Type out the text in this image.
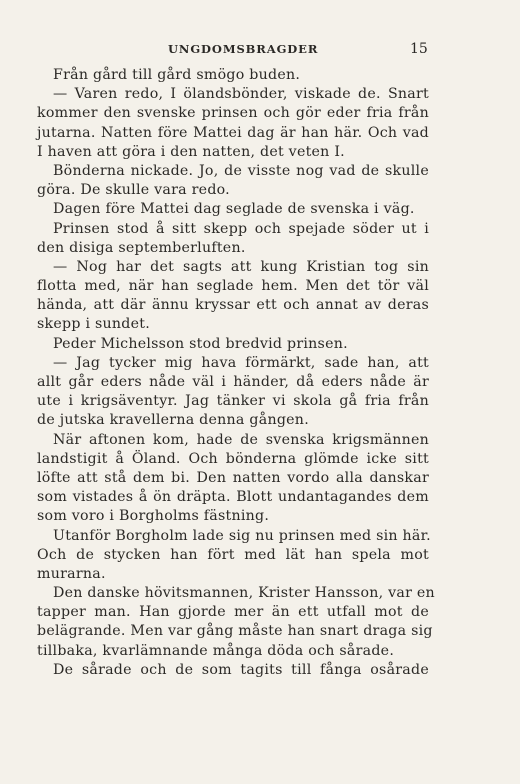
UNGDOMSBRAGDER	15
Från gård till gård smögo buden.
— Varen redo, I ölandsbönder, viskade de. Snart
kommer den svenske prinsen och gör eder fria från
jutarna. Natten före Mattei dag är han här. Och vad
I haven att göra i den natten, det veten I.
Bönderna nickade. Jo, de visste nog vad de skulle
göra. De skulle vara redo.
Dagen före Mattei dag seglade de svenska i väg.
Prinsen stod å sitt skepp och spejade söder ut i
den disiga septemberluften.
— Nog har det sagts att kung Kristian tog sin
flotta med, när han seglade hem. Men det tör väl
hända, att där ännu kryssar ett och annat av deras
skepp i sundet.
Peder Michelsson stod bredvid prinsen.
— Jag tycker mig hava förmärkt, sade han, att
allt går eders nåde väl i händer, då eders nåde är
ute i krigsäventyr. Jag tänker vi skola gå fria från
de jutska kravellerna denna gången.
När aftonen kom, hade de svenska krigsmännen
landstigit å Öland. Och bönderna glömde icke sitt
löfte att stå dem bi. Den natten vordo alla danskar
som vistades å ön dräpta. Blott undantagandes dem
som voro i Borgholms fästning.
Utanför Borgholm lade sig nu prinsen med sin här.
Och de stycken han fört med lät han spela mot
murarna.
Den danske hövitsmannen, Krister Hansson, var en
tapper man. Han gjorde mer än ett utfall mot de
belägrande. Men var gång måste han snart draga sig
tillbaka, kvarlämnande många döda och sårade.
De sårade och de som tagits till fånga osårade
